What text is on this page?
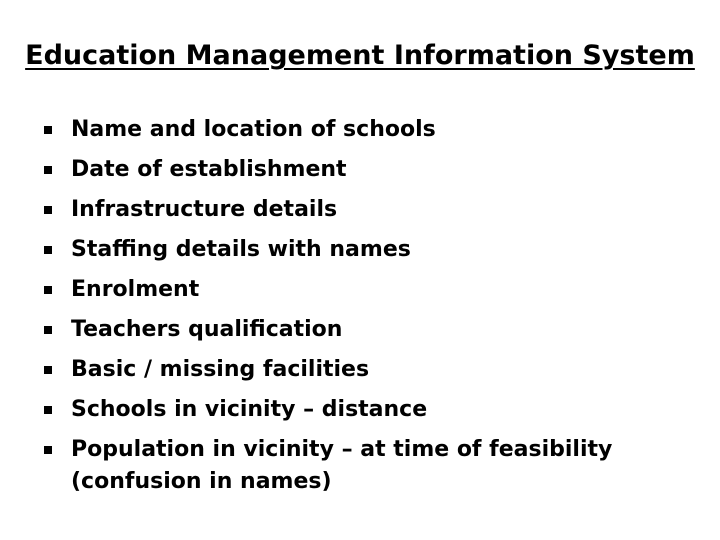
Education Management Information System
Name and location of schools
Date of establishment
Infrastructure details
Staffing details with names
Enrolment
Teachers qualification
Basic / missing facilities
Schools in vicinity – distance
Population in vicinity – at time of feasibility (confusion in names)
